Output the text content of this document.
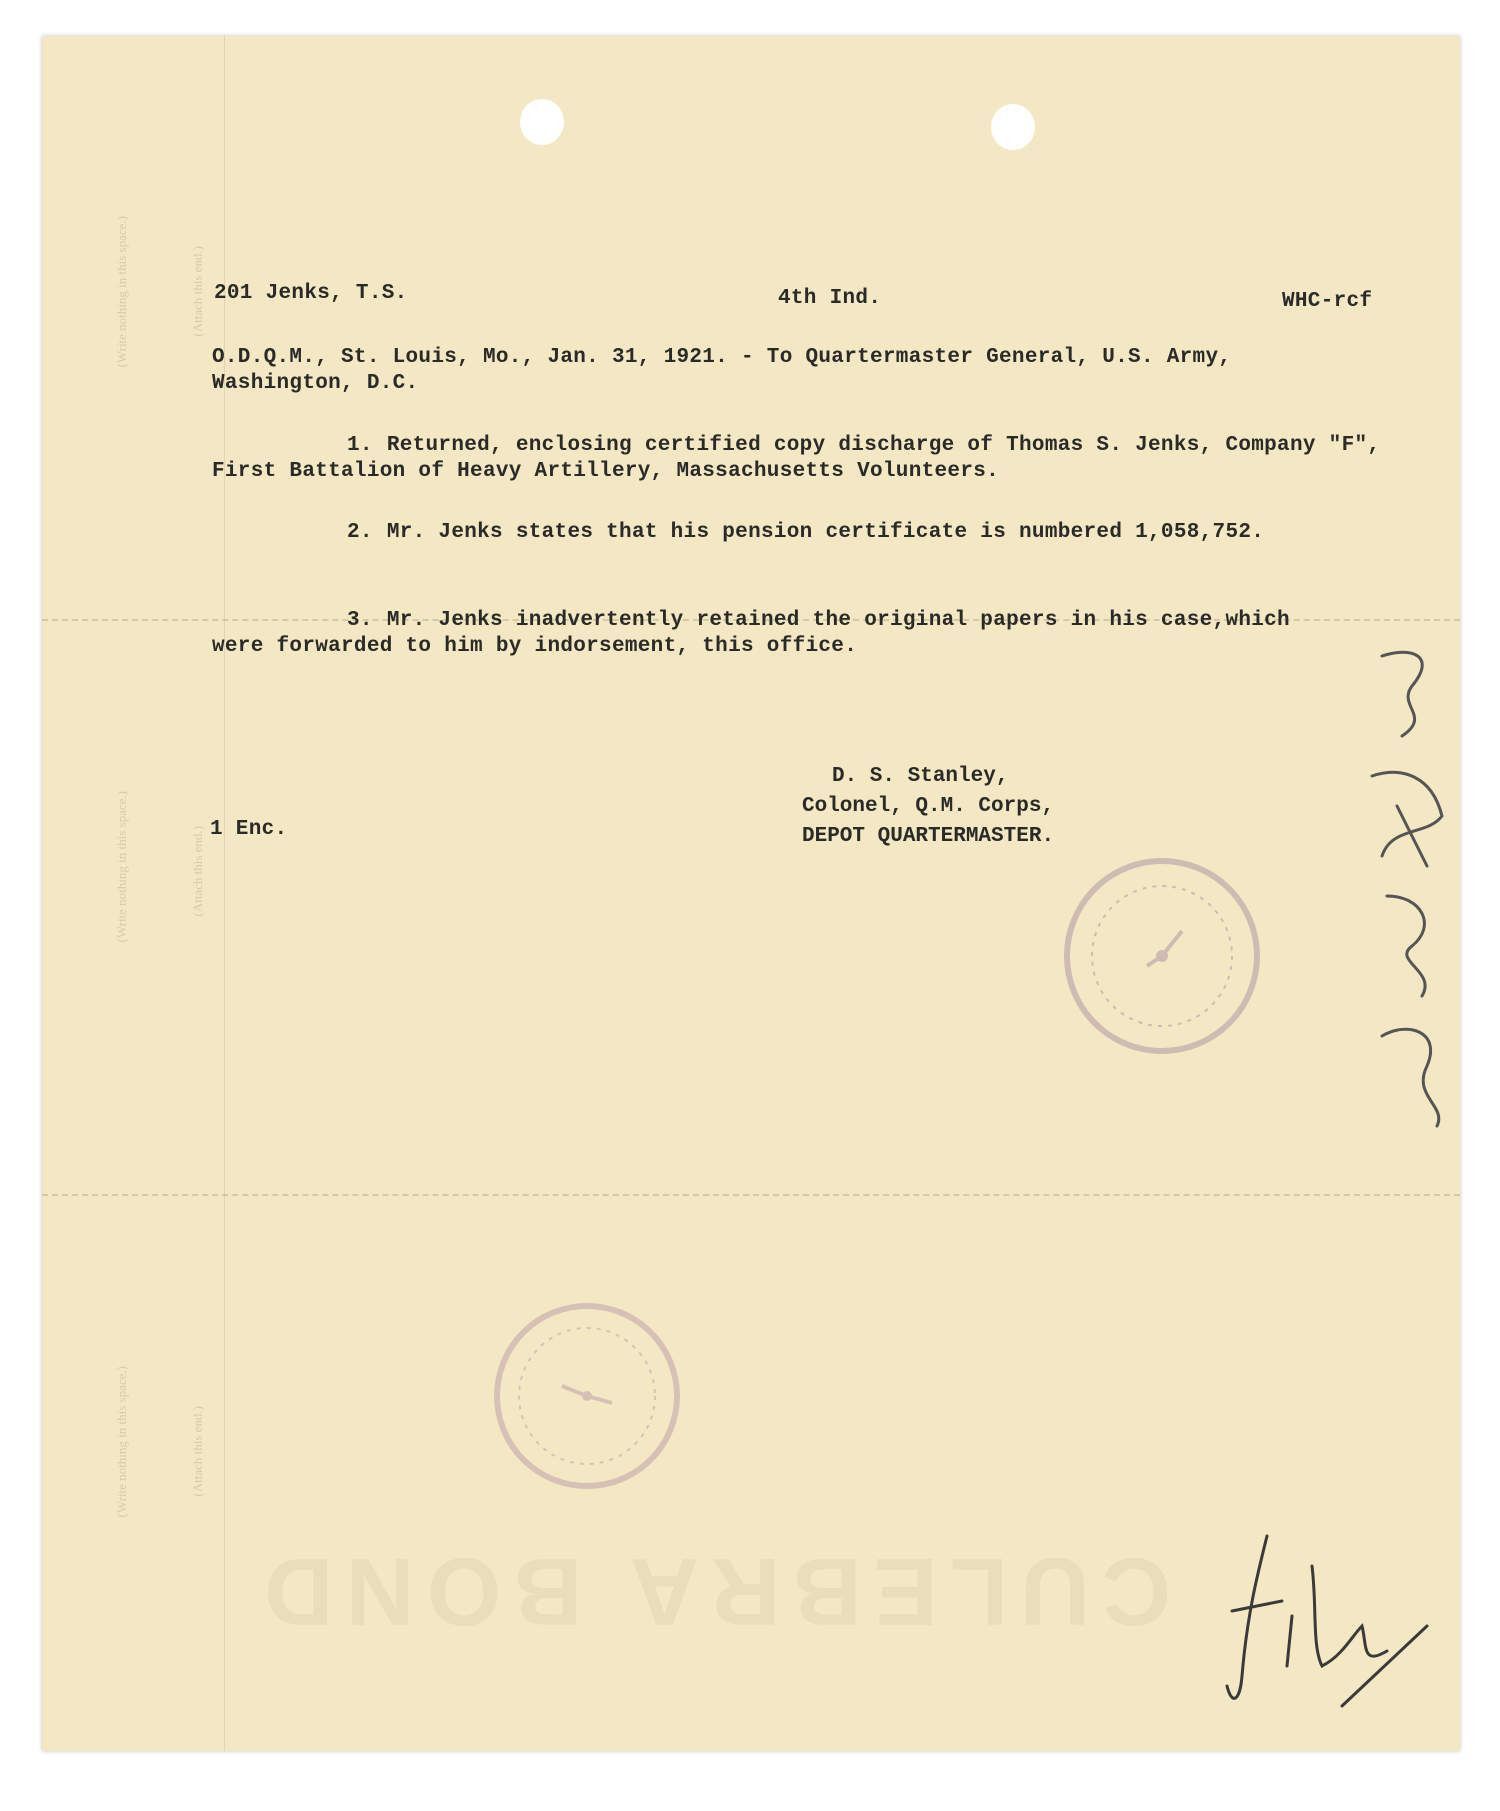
(Write nothing in this space.)	(Attach this end.)
(Write nothing in this space.)	(Attach this end.)
(Write nothing in this space.)	(Attach this end.)
CULEBRA BOND
201 Jenks, T.S.	4th Ind.	WHC-rcf
O.D.Q.M., St. Louis, Mo., Jan. 31, 1921. - To Quartermaster General, U.S. Army,
Washington, D.C.
1. Returned, enclosing certified copy discharge of Thomas S. Jenks, Company "F", First Battalion of Heavy Artillery, Massachusetts Volunteers.
2. Mr. Jenks states that his pension certificate is numbered 1,058,752.
3. Mr. Jenks inadvertently retained the original papers in his case,which were forwarded to him by indorsement, this office.
1 Enc.
D. S. Stanley,
Colonel, Q.M. Corps,
DEPOT QUARTERMASTER.
